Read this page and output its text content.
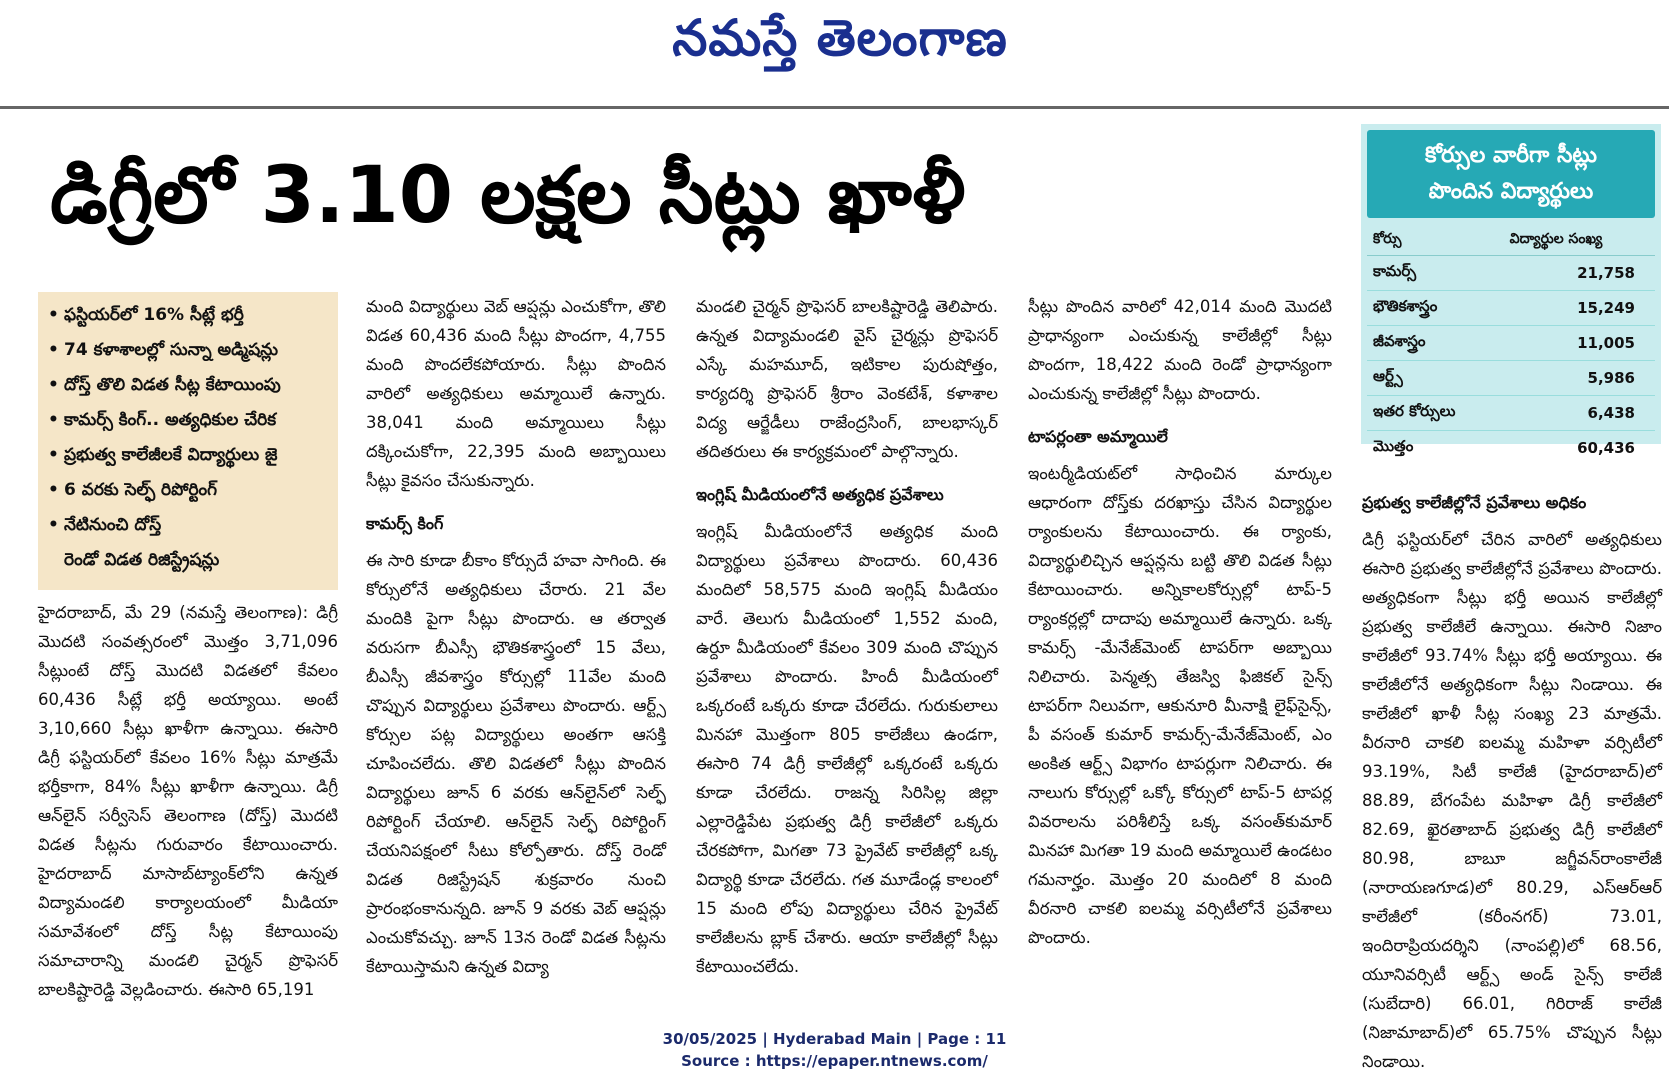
నమస్తే తెలంగాణ
డిగ్రీలో 3.10 లక్షల సీట్లు ఖాళీ
• ఫస్టియర్‌లో 16% సీట్లే భర్తీ
• 74 కళాశాలల్లో సున్నా అడ్మిషన్లు
• దోస్త్ తొలి విడత సీట్ల కేటాయింపు
• కామర్స్ కింగ్.. అత్యధికుల చేరిక
• ప్రభుత్వ కాలేజీలకే విద్యార్థులు జై
• 6 వరకు సెల్ఫ్ రిపోర్టింగ్
• నేటినుంచి దోస్త్
రెండో విడత రిజిస్ట్రేషన్లు

హైదరాబాద్, మే 29 (నమస్తే తెలంగాణ): డిగ్రీ మొదటి సంవత్సరంలో మొత్తం 3,71,096 సీట్లుంటే దోస్త్ మొదటి విడతలో కేవలం 60,436 సీట్లే భర్తీ అయ్యాయి. అంటే 3,10,660 సీట్లు ఖాళీగా ఉన్నాయి. ఈసారి డిగ్రీ ఫస్టియర్‌లో కేవలం 16% సీట్లు మాత్రమే భర్తీకాగా, 84% సీట్లు ఖాళీగా ఉన్నాయి. డిగ్రీ ఆన్‌లైన్ సర్వీసెస్ తెలంగాణ (దోస్త్) మొదటి విడత సీట్లను గురువారం కేటాయించారు. హైదరాబాద్ మాసాబ్‌ట్యాంక్‌లోని ఉన్నత విద్యామండలి కార్యాలయంలో మీడియా సమావేశంలో దోస్త్ సీట్ల కేటాయింపు సమాచారాన్ని మండలి చైర్మన్ ప్రొఫెసర్ బాలకిష్టారెడ్డి వెల్లడించారు. ఈసారి 65,191

మంది విద్యార్థులు వెబ్ ఆప్షన్లు ఎంచుకోగా, తొలి విడత 60,436 మంది సీట్లు పొందగా, 4,755 మంది పొందలేకపోయారు. సీట్లు పొందిన వారిలో అత్యధికులు అమ్మాయిలే ఉన్నారు. 38,041 మంది అమ్మాయిలు సీట్లు దక్కించుకోగా, 22,395 మంది అబ్బాయిలు సీట్లు కైవసం చేసుకున్నారు.

కామర్స్ కింగ్

ఈ సారి కూడా బీకాం కోర్సుదే హవా సాగింది. ఈ కోర్సులోనే అత్యధికులు చేరారు. 21 వేల మందికి పైగా సీట్లు పొందారు. ఆ తర్వాత వరుసగా బీఎస్సీ భౌతికశాస్త్రంలో 15 వేలు, బీఎస్సీ జీవశాస్త్రం కోర్సుల్లో 11వేల మంది చొప్పున విద్యార్థులు ప్రవేశాలు పొందారు. ఆర్ట్స్ కోర్సుల పట్ల విద్యార్థులు అంతగా ఆసక్తి చూపించలేదు. తొలి విడతలో సీట్లు పొందిన విద్యార్థులు జూన్ 6 వరకు ఆన్‌లైన్‌లో సెల్ఫ్ రిపోర్టింగ్ చేయాలి. ఆన్‌లైన్ సెల్ఫ్ రిపోర్టింగ్ చేయనిపక్షంలో సీటు కోల్పోతారు. దోస్త్ రెండో విడత రిజిస్ట్రేషన్ శుక్రవారం నుంచి ప్రారంభంకానున్నది. జూన్ 9 వరకు వెబ్ ఆప్షన్లు ఎంచుకోవచ్చు. జూన్ 13న రెండో విడత సీట్లను కేటాయిస్తామని ఉన్నత విద్యా

మండలి చైర్మన్ ప్రొఫెసర్ బాలకిష్టారెడ్డి తెలిపారు. ఉన్నత విద్యామండలి వైస్ చైర్మన్లు ప్రొఫెసర్ ఎస్కే మహమూద్, ఇటికాల పురుషోత్తం, కార్యదర్శి ప్రొఫెసర్ శ్రీరాం వెంకటేశ్, కళాశాల విద్య ఆర్జేడీలు రాజేంద్రసింగ్, బాలభాస్కర్ తదితరులు ఈ కార్యక్రమంలో పాల్గొన్నారు.

ఇంగ్లిష్ మీడియంలోనే అత్యధిక ప్రవేశాలు

ఇంగ్లిష్ మీడియంలోనే అత్యధిక మంది విద్యార్థులు ప్రవేశాలు పొందారు. 60,436 మందిలో 58,575 మంది ఇంగ్లిష్ మీడియం వారే. తెలుగు మీడియంలో 1,552 మంది, ఉర్దూ మీడియంలో కేవలం 309 మంది చొప్పున ప్రవేశాలు పొందారు. హిందీ మీడియంలో ఒక్కరంటే ఒక్కరు కూడా చేరలేదు. గురుకులాలు మినహా మొత్తంగా 805 కాలేజీలు ఉండగా, ఈసారి 74 డిగ్రీ కాలేజీల్లో ఒక్కరంటే ఒక్కరు కూడా చేరలేదు. రాజన్న సిరిసిల్ల జిల్లా ఎల్లారెడ్డిపేట ప్రభుత్వ డిగ్రీ కాలేజీలో ఒక్కరు చేరకపోగా, మిగతా 73 ప్రైవేట్ కాలేజీల్లో ఒక్క విద్యార్థి కూడా చేరలేదు. గత మూడేండ్ల కాలంలో 15 మంది లోపు విద్యార్థులు చేరిన ప్రైవేట్ కాలేజీలను బ్లాక్ చేశారు. ఆయా కాలేజీల్లో సీట్లు కేటాయించలేదు.

సీట్లు పొందిన వారిలో 42,014 మంది మొదటి ప్రాధాన్యంగా ఎంచుకున్న కాలేజీల్లో సీట్లు పొందగా, 18,422 మంది రెండో ప్రాధాన్యంగా ఎంచుకున్న కాలేజీల్లో సీట్లు పొందారు.

టాపర్లంతా అమ్మాయిలే

ఇంటర్మీడియట్‌లో సాధించిన మార్కుల ఆధారంగా దోస్త్‌కు దరఖాస్తు చేసిన విద్యార్థుల ర్యాంకులను కేటాయించారు. ఈ ర్యాంకు, విద్యార్థులిచ్చిన ఆప్షన్లను బట్టి తొలి విడత సీట్లు కేటాయించారు. అన్నికాలకోర్సుల్లో టాప్-5 ర్యాంకర్లల్లో దాదాపు అమ్మాయిలే ఉన్నారు. ఒక్క కామర్స్ -మేనేజ్‌మెంట్ టాపర్‌గా అబ్బాయి నిలిచారు. పెన్మత్స తేజస్వి ఫిజికల్ సైన్స్ టాపర్‌గా నిలువగా, ఆకునూరి మీనాక్షి లైఫ్‌సైన్స్, పీ వసంత్ కుమార్ కామర్స్-మేనేజ్‌మెంట్, ఎం అంకిత ఆర్ట్స్ విభాగం టాపర్లుగా నిలిచారు. ఈ నాలుగు కోర్సుల్లో ఒక్కో కోర్సులో టాప్-5 టాపర్ల వివరాలను పరిశీలిస్తే ఒక్క వసంత్‌కుమార్ మినహా మిగతా 19 మంది అమ్మాయిలే ఉండటం గమనార్హం. మొత్తం 20 మందిలో 8 మంది వీరనారి చాకలి ఐలమ్మ వర్సిటీలోనే ప్రవేశాలు పొందారు.

కోర్సుల వారీగా సీట్లు
పొందిన విద్యార్థులు
కోర్సు	విద్యార్థుల సంఖ్య
కామర్స్	21,758
భౌతికశాస్త్రం	15,249
జీవశాస్త్రం	11,005
ఆర్ట్స్	5,986
ఇతర కోర్సులు	6,438
మొత్తం	60,436
ప్రభుత్వ కాలేజీల్లోనే ప్రవేశాలు అధికం

డిగ్రీ ఫస్టియర్‌లో చేరిన వారిలో అత్యధికులు ఈసారి ప్రభుత్వ కాలేజీల్లోనే ప్రవేశాలు పొందారు. అత్యధికంగా సీట్లు భర్తీ అయిన కాలేజీల్లో ప్రభుత్వ కాలేజీలే ఉన్నాయి. ఈసారి నిజాం కాలేజీలో 93.74% సీట్లు భర్తీ అయ్యాయి. ఈ కాలేజీలోనే అత్యధికంగా సీట్లు నిండాయి. ఈ కాలేజీలో ఖాళీ సీట్ల సంఖ్య 23 మాత్రమే. వీరనారి చాకలి ఐలమ్మ మహిళా వర్సిటీలో 93.19%, సిటీ కాలేజీ (హైదరాబాద్)లో 88.89, బేగంపేట మహిళా డిగ్రీ కాలేజీలో 82.69, ఖైరతాబాద్ ప్రభుత్వ డిగ్రీ కాలేజీలో 80.98, బాబూ జగ్జీవన్‌రాంకాలేజీ (నారాయణగూడ)లో 80.29, ఎస్ఆర్ఆర్ కాలేజీలో (కరీంనగర్) 73.01, ఇందిరాప్రియదర్శిని (నాంపల్లి)లో 68.56, యూనివర్సిటీ ఆర్ట్స్ అండ్ సైన్స్ కాలేజీ (సుబేదారి) 66.01, గిరిరాజ్ కాలేజీ (నిజామాబాద్)లో 65.75% చొప్పున సీట్లు నిండాయి.

30/05/2025 | Hyderabad Main | Page : 11
Source : https://epaper.ntnews.com/
